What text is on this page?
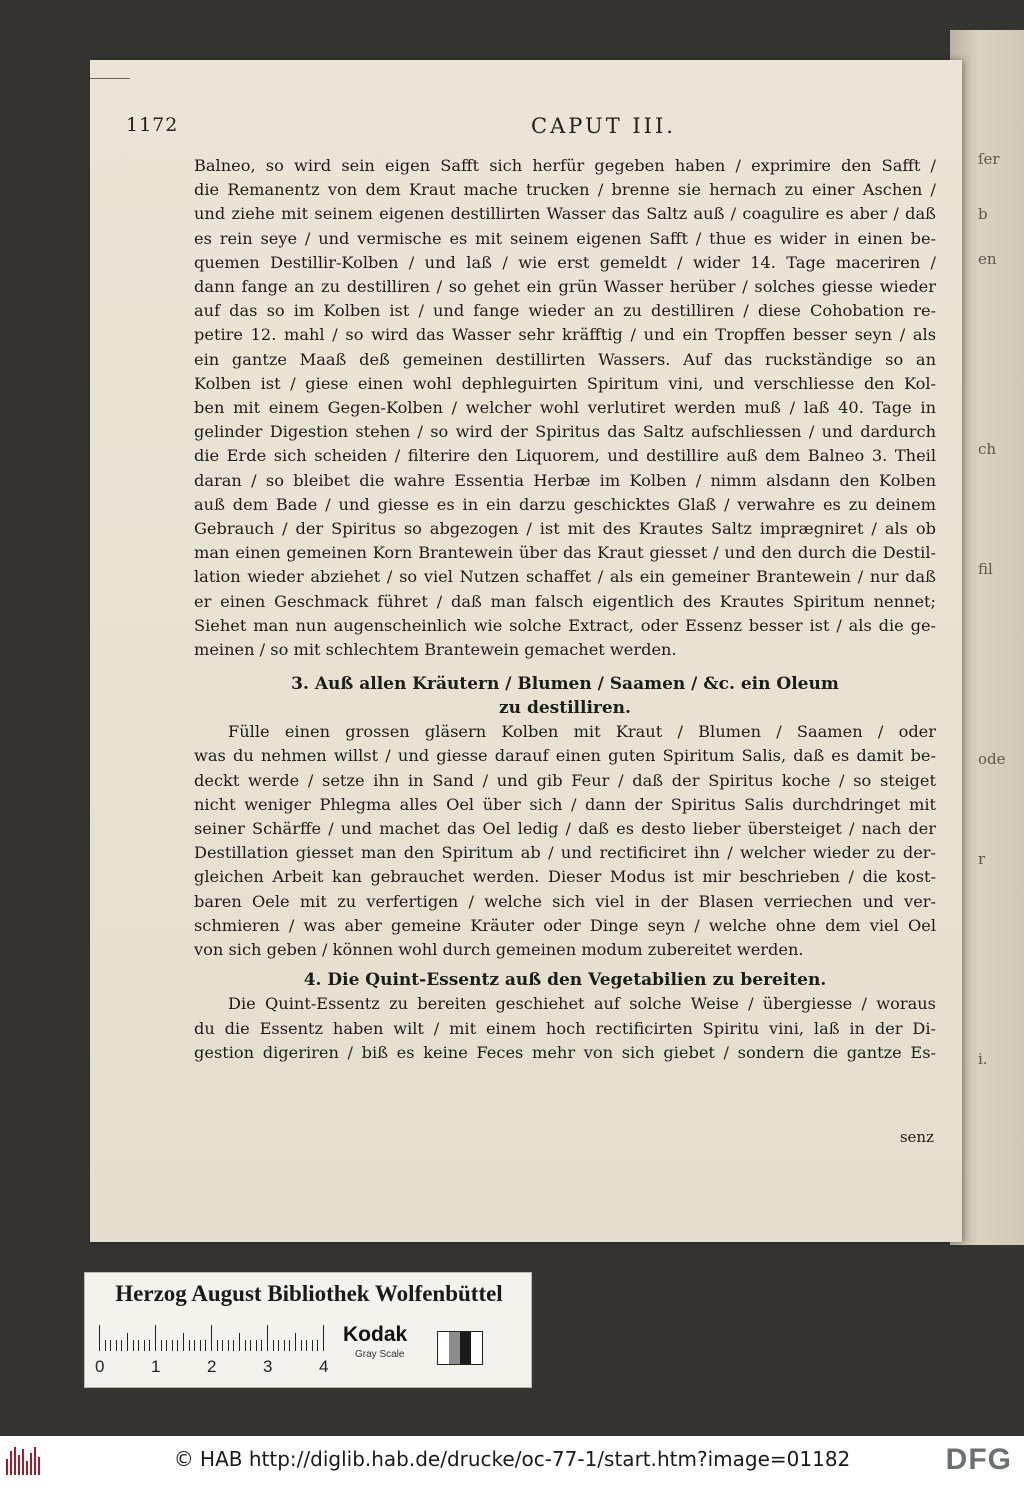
ſer
b
en
ch
fil
ode
r
i.
1172	CAPUT III.
Balneo, so wird sein eigen Safft sich herfür gegeben haben / exprimire den Safft /
die Remanentz von dem Kraut mache trucken / brenne sie hernach zu einer Aschen /
und ziehe mit seinem eigenen destillirten Wasser das Saltz auß / coagulire es aber / daß
es rein seye / und vermische es mit seinem eigenen Safft / thue es wider in einen be-
quemen Destillir-Kolben / und laß / wie erst gemeldt / wider 14. Tage maceriren /
dann fange an zu destilliren / so gehet ein grün Wasser herüber / solches giesse wieder
auf das so im Kolben ist / und fange wieder an zu destilliren / diese Cohobation re-
petire 12. mahl / so wird das Wasser sehr kräfftig / und ein Tropffen besser seyn / als
ein gantze Maaß deß gemeinen destillirten Wassers. Auf das ruckständige so an
Kolben ist / giese einen wohl dephleguirten Spiritum vini, und verschliesse den Kol-
ben mit einem Gegen-Kolben / welcher wohl verlutiret werden muß / laß 40. Tage in
gelinder Digestion stehen / so wird der Spiritus das Saltz aufschliessen / und dardurch
die Erde sich scheiden / filterire den Liquorem, und destillire auß dem Balneo 3. Theil
daran / so bleibet die wahre Essentia Herbæ im Kolben / nimm alsdann den Kolben
auß dem Bade / und giesse es in ein darzu geschicktes Glaß / verwahre es zu deinem
Gebrauch / der Spiritus so abgezogen / ist mit des Krautes Saltz imprægniret / als ob
man einen gemeinen Korn Brantewein über das Kraut giesset / und den durch die Destil-
lation wieder abziehet / so viel Nutzen schaffet / als ein gemeiner Brantewein / nur daß
er einen Geschmack führet / daß man falsch eigentlich des Krautes Spiritum nennet;
Siehet man nun augenscheinlich wie solche Extract, oder Essenz besser ist / als die ge-
meinen / so mit schlechtem Brantewein gemachet werden.
3. Auß allen Kräutern / Blumen / Saamen / &c. ein Oleum
zu destilliren.
Fülle einen grossen gläsern Kolben mit Kraut / Blumen / Saamen / oder
was du nehmen willst / und giesse darauf einen guten Spiritum Salis, daß es damit be-
deckt werde / setze ihn in Sand / und gib Feur / daß der Spiritus koche / so steiget
nicht weniger Phlegma alles Oel über sich / dann der Spiritus Salis durchdringet mit
seiner Schärffe / und machet das Oel ledig / daß es desto lieber übersteiget / nach der
Destillation giesset man den Spiritum ab / und rectificiret ihn / welcher wieder zu der-
gleichen Arbeit kan gebrauchet werden. Dieser Modus ist mir beschrieben / die kost-
baren Oele mit zu verfertigen / welche sich viel in der Blasen verriechen und ver-
schmieren / was aber gemeine Kräuter oder Dinge seyn / welche ohne dem viel Oel
von sich geben / können wohl durch gemeinen modum zubereitet werden.
4. Die Quint-Essentz auß den Vegetabilien zu bereiten.
Die Quint-Essentz zu bereiten geschiehet auf solche Weise / übergiesse / woraus
du die Essentz haben wilt / mit einem hoch rectificirten Spiritu vini, laß in der Di-
gestion digeriren / biß es keine Feces mehr von sich giebet / sondern die gantze Es-
senz
Herzog August Bibliothek Wolfenbüttel
0	1	2	3	4
Kodak
Gray Scale
© HAB http://diglib.hab.de/drucke/oc-77-1/start.htm?image=01182	DFG
